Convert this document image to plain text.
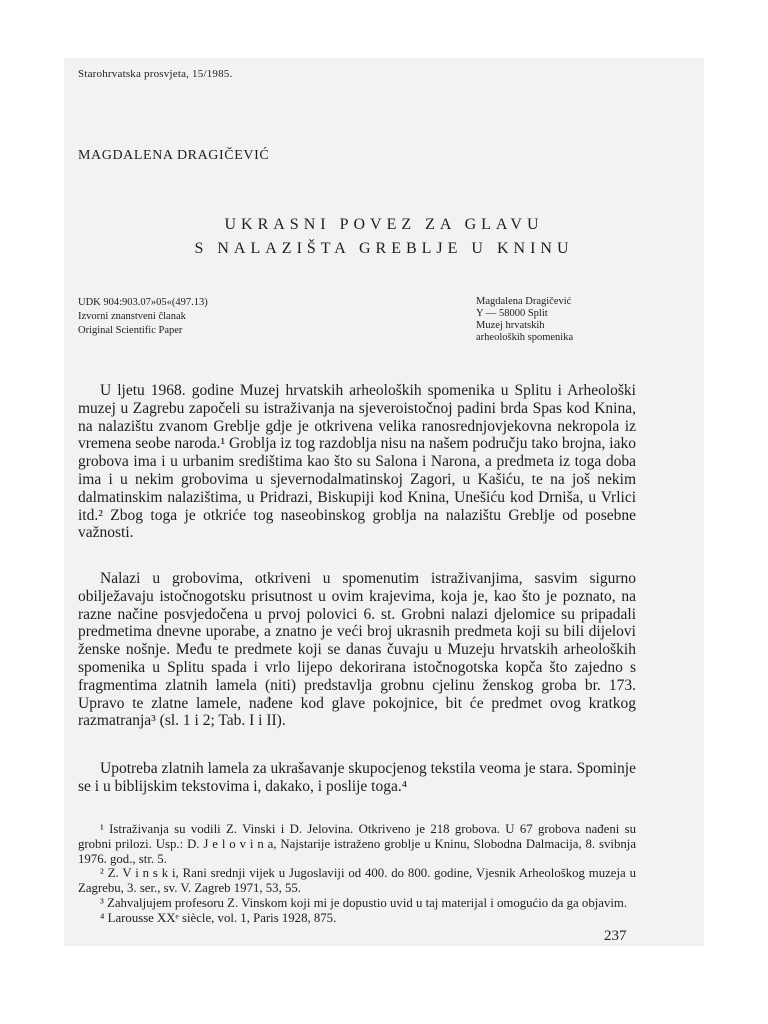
Starohrvatska prosvjeta, 15/1985.
MAGDALENA DRAGIČEVIĆ
UKRASNI POVEZ ZA GLAVU
S NALAZIŠTA GREBLJE U KNINU
UDK 904:903.07»05«(497.13)
Izvorni znanstveni članak
Original Scientific Paper
Magdalena Dragičević
Y — 58000 Split
Muzej hrvatskih
arheoloških spomenika

U ljetu 1968. godine Muzej hrvatskih arheoloških spomenika u Splitu i Arheološki muzej u Zagrebu započeli su istraživanja na sjeveroistočnoj padini brda Spas kod Knina, na nalazištu zvanom Greblje gdje je otkrivena velika ranosrednjovjekovna nekropola iz vremena seobe naroda.¹ Groblja iz tog razdoblja nisu na našem području tako brojna, iako grobova ima i u urbanim središtima kao što su Salona i Narona, a predmeta iz toga doba ima i u nekim grobovima u sjevernodalmatinskoj Zagori, u Kašiću, te na još nekim dalmatinskim nalazištima, u Pridrazi, Biskupiji kod Knina, Unešiću kod Drniša, u Vrlici itd.² Zbog toga je otkriće tog naseobinskog groblja na nalazištu Greblje od posebne važnosti.

Nalazi u grobovima, otkriveni u spomenutim istraživanjima, sasvim sigurno obilježavaju istočnogotsku prisutnost u ovim krajevima, koja je, kao što je poznato, na razne načine posvjedočena u prvoj polovici 6. st. Grobni nalazi djelomice su pripadali predmetima dnevne uporabe, a znatno je veći broj ukrasnih predmeta koji su bili dijelovi ženske nošnje. Među te predmete koji se danas čuvaju u Muzeju hrvatskih arheoloških spomenika u Splitu spada i vrlo lijepo dekorirana istočnogotska kopča što zajedno s fragmentima zlatnih lamela (niti) predstavlja grobnu cjelinu ženskog groba br. 173. Upravo te zlatne lamele, nađene kod glave pokojnice, bit će predmet ovog kratkog razmatranja³ (sl. 1 i 2; Tab. I i II).

Upotreba zlatnih lamela za ukrašavanje skupocjenog tekstila veoma je stara. Spominje se i u biblijskim tekstovima i, dakako, i poslije toga.⁴

¹ Istraživanja su vodili Z. Vinski i D. Jelovina. Otkriveno je 218 grobova. U 67 grobova nađeni su grobni prilozi. Usp.: D. J e l o v i n a, Najstarije istraženo groblje u Kninu, Slobodna Dalmacija, 8. svibnja 1976. god., str. 5.

² Z. V i n s k i, Rani srednji vijek u Jugoslaviji od 400. do 800. godine, Vjesnik Arheološkog muzeja u Zagrebu, 3. ser., sv. V. Zagreb 1971, 53, 55.

³ Zahvaljujem profesoru Z. Vinskom koji mi je dopustio uvid u taj materijal i omogućio da ga objavim.

⁴ Larousse XXᵉ siècle, vol. 1, Paris 1928, 875.

237
